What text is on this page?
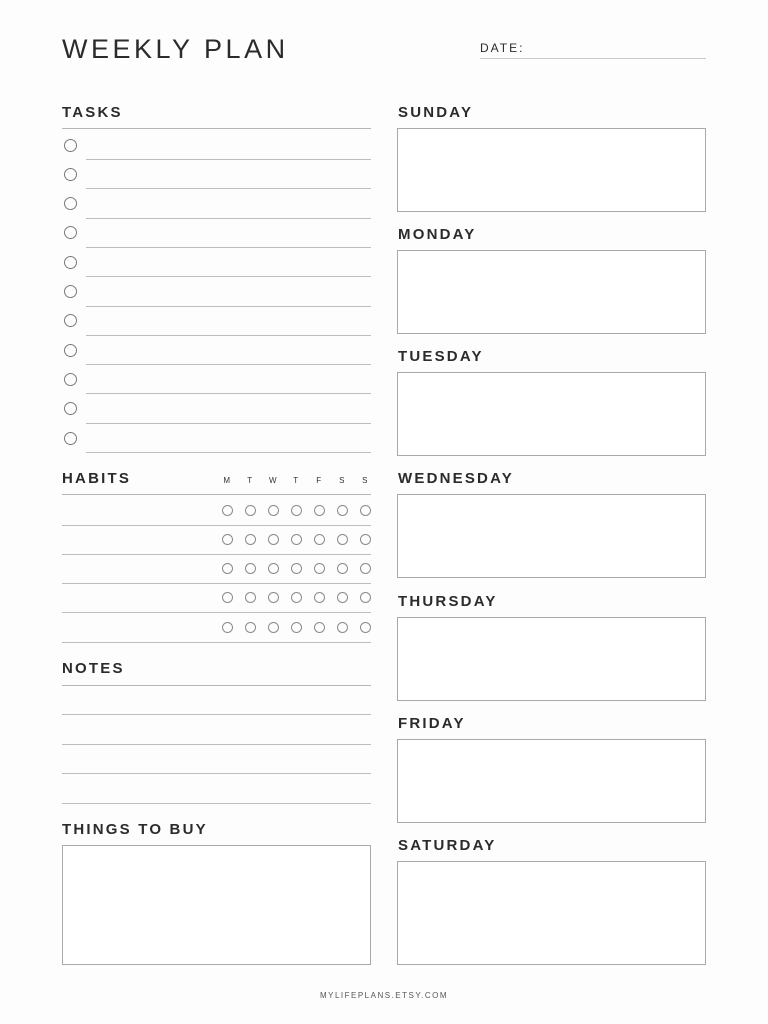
WEEKLY PLAN	DATE:
TASKS
HABITS	M	T	W	T	F	S	S
NOTES
THINGS TO BUY
SUNDAY
MONDAY
TUESDAY
WEDNESDAY
THURSDAY
FRIDAY
SATURDAY
MYLIFEPLANS.ETSY.COM
